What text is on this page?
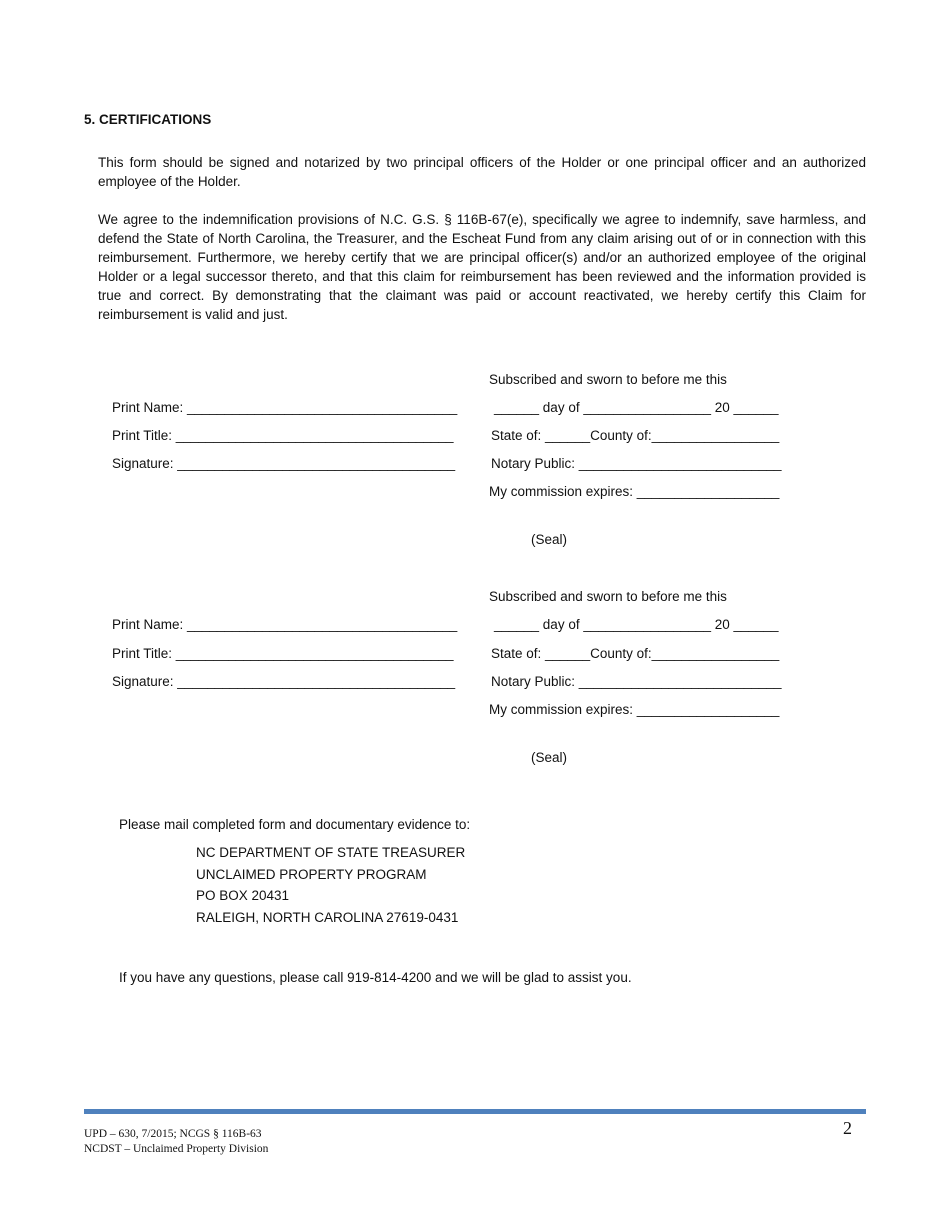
5. CERTIFICATIONS
This form should be signed and notarized by two principal officers of the Holder or one principal officer and an authorized employee of the Holder.
We agree to the indemnification provisions of N.C. G.S. § 116B-67(e), specifically we agree to indemnify, save harmless, and defend the State of North Carolina, the Treasurer, and the Escheat Fund from any claim arising out of or in connection with this reimbursement. Furthermore, we hereby certify that we are principal officer(s) and/or an authorized employee of the original Holder or a legal successor thereto, and that this claim for reimbursement has been reviewed and the information provided is true and correct. By demonstrating that the claimant was paid or account reactivated, we hereby certify this Claim for reimbursement is valid and just.
Subscribed and sworn to before me this
Print Name: ____________________________________	______ day of _________________ 20 ______
Print Title: _____________________________________	State of: ______County of:_________________
Signature: _____________________________________	Notary Public: ___________________________
My commission expires: ___________________
(Seal)
Subscribed and sworn to before me this
Print Name: ____________________________________	______ day of _________________ 20 ______
Print Title: _____________________________________	State of: ______County of:_________________
Signature: _____________________________________	Notary Public: ___________________________
My commission expires: ___________________
(Seal)
Please mail completed form and documentary evidence to:
NC DEPARTMENT OF STATE TREASURER
UNCLAIMED PROPERTY PROGRAM
PO BOX 20431
RALEIGH, NORTH CAROLINA 27619-0431
If you have any questions, please call 919-814-4200 and we will be glad to assist you.
2
UPD – 630, 7/2015; NCGS § 116B-63
NCDST – Unclaimed Property Division
